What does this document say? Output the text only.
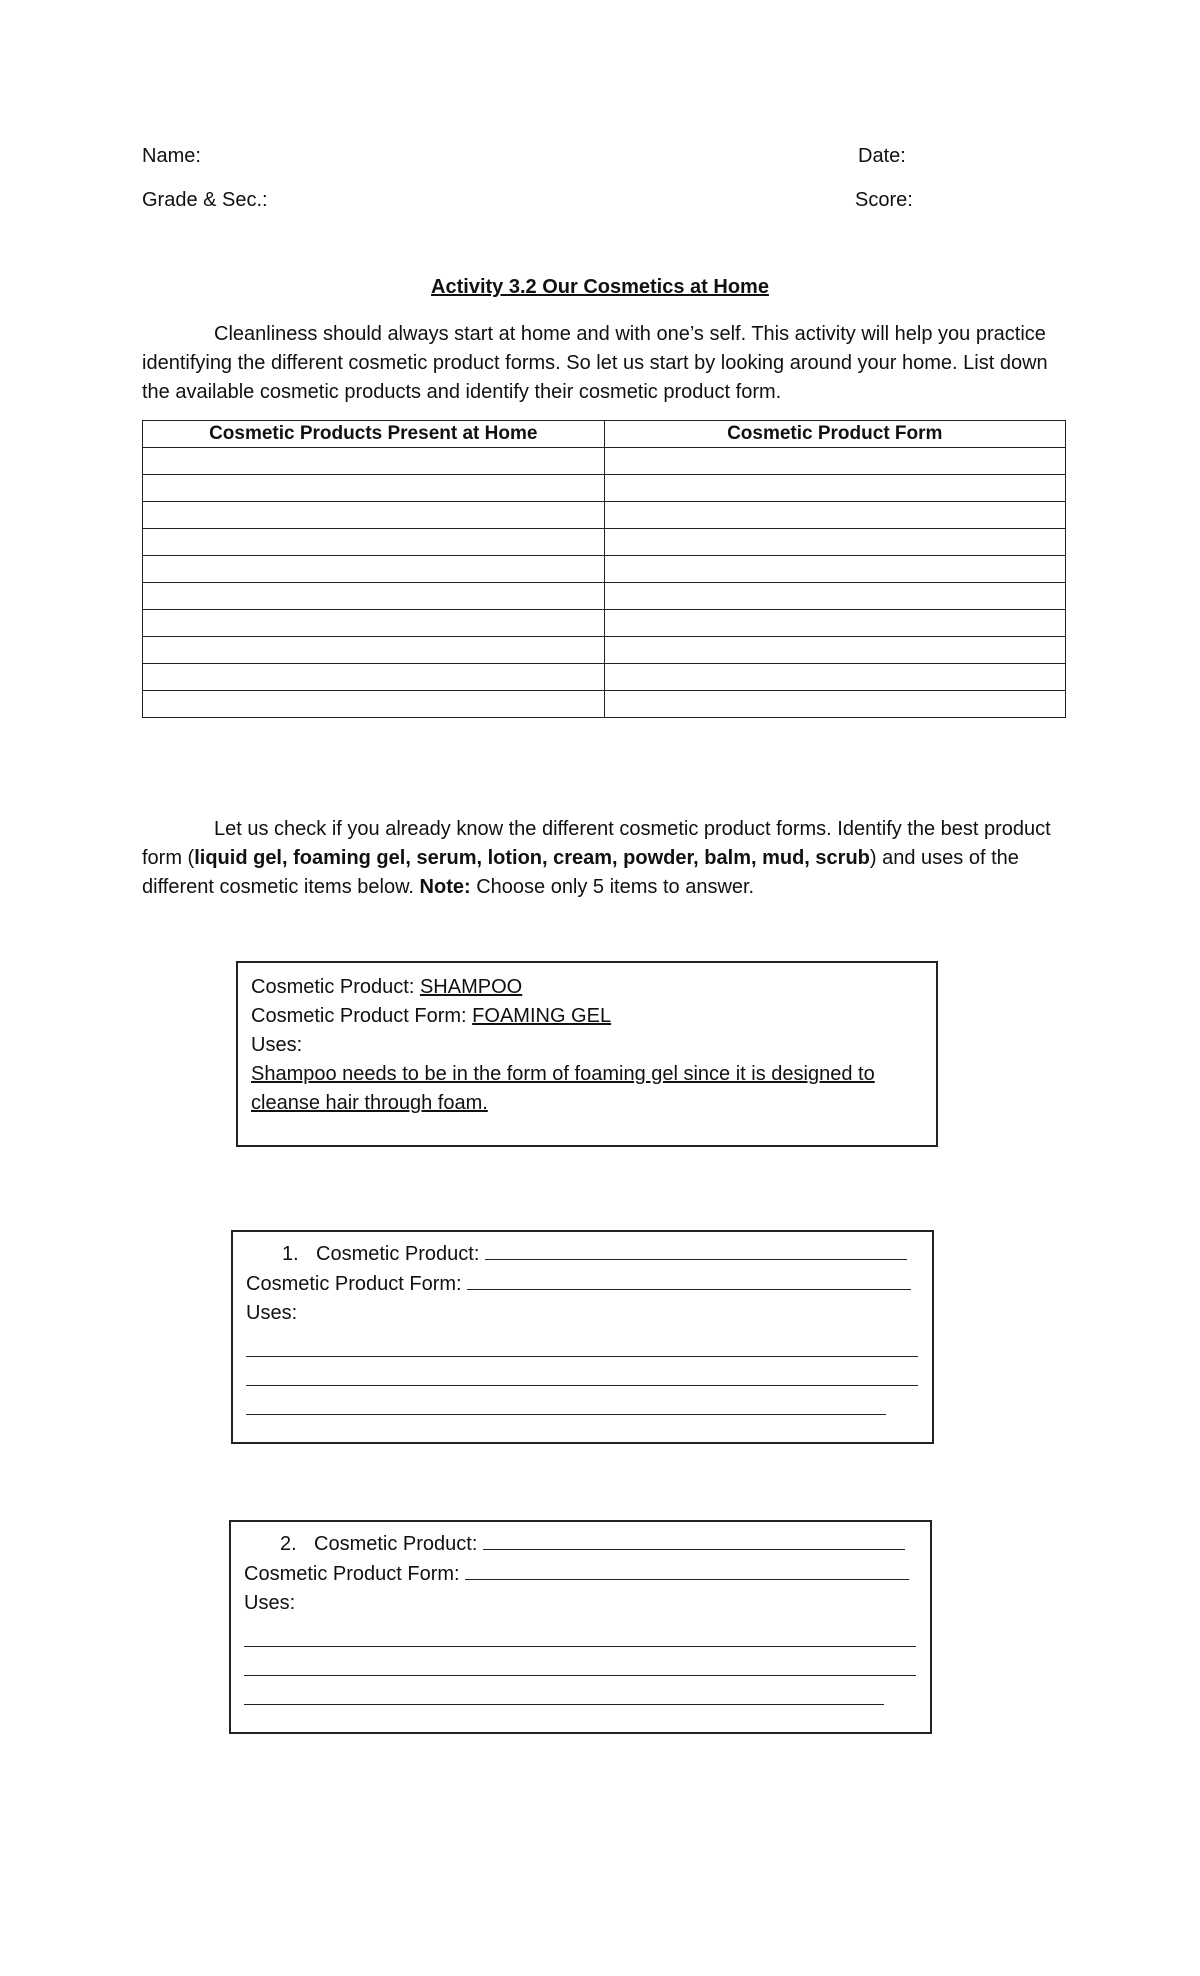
Name:	Date:
Grade & Sec.:	Score:
Activity 3.2 Our Cosmetics at Home
Cleanliness should always start at home and with one’s self. This activity will help you practice identifying the different cosmetic product forms. So let us start by looking around your home. List down the available cosmetic products and identify their cosmetic product form.
Cosmetic Products Present at Home	Cosmetic Product Form

Let us check if you already know the different cosmetic product forms. Identify the best product form (liquid gel, foaming gel, serum, lotion, cream, powder, balm, mud, scrub) and uses of the different cosmetic items below. Note: Choose only 5 items to answer.
Cosmetic Product: SHAMPOO
Cosmetic Product Form: FOAMING GEL
Uses:
Shampoo needs to be in the form of foaming gel since it is designed to
cleanse hair through foam.
1. Cosmetic Product:
Cosmetic Product Form:
Uses:
2. Cosmetic Product:
Cosmetic Product Form:
Uses:
